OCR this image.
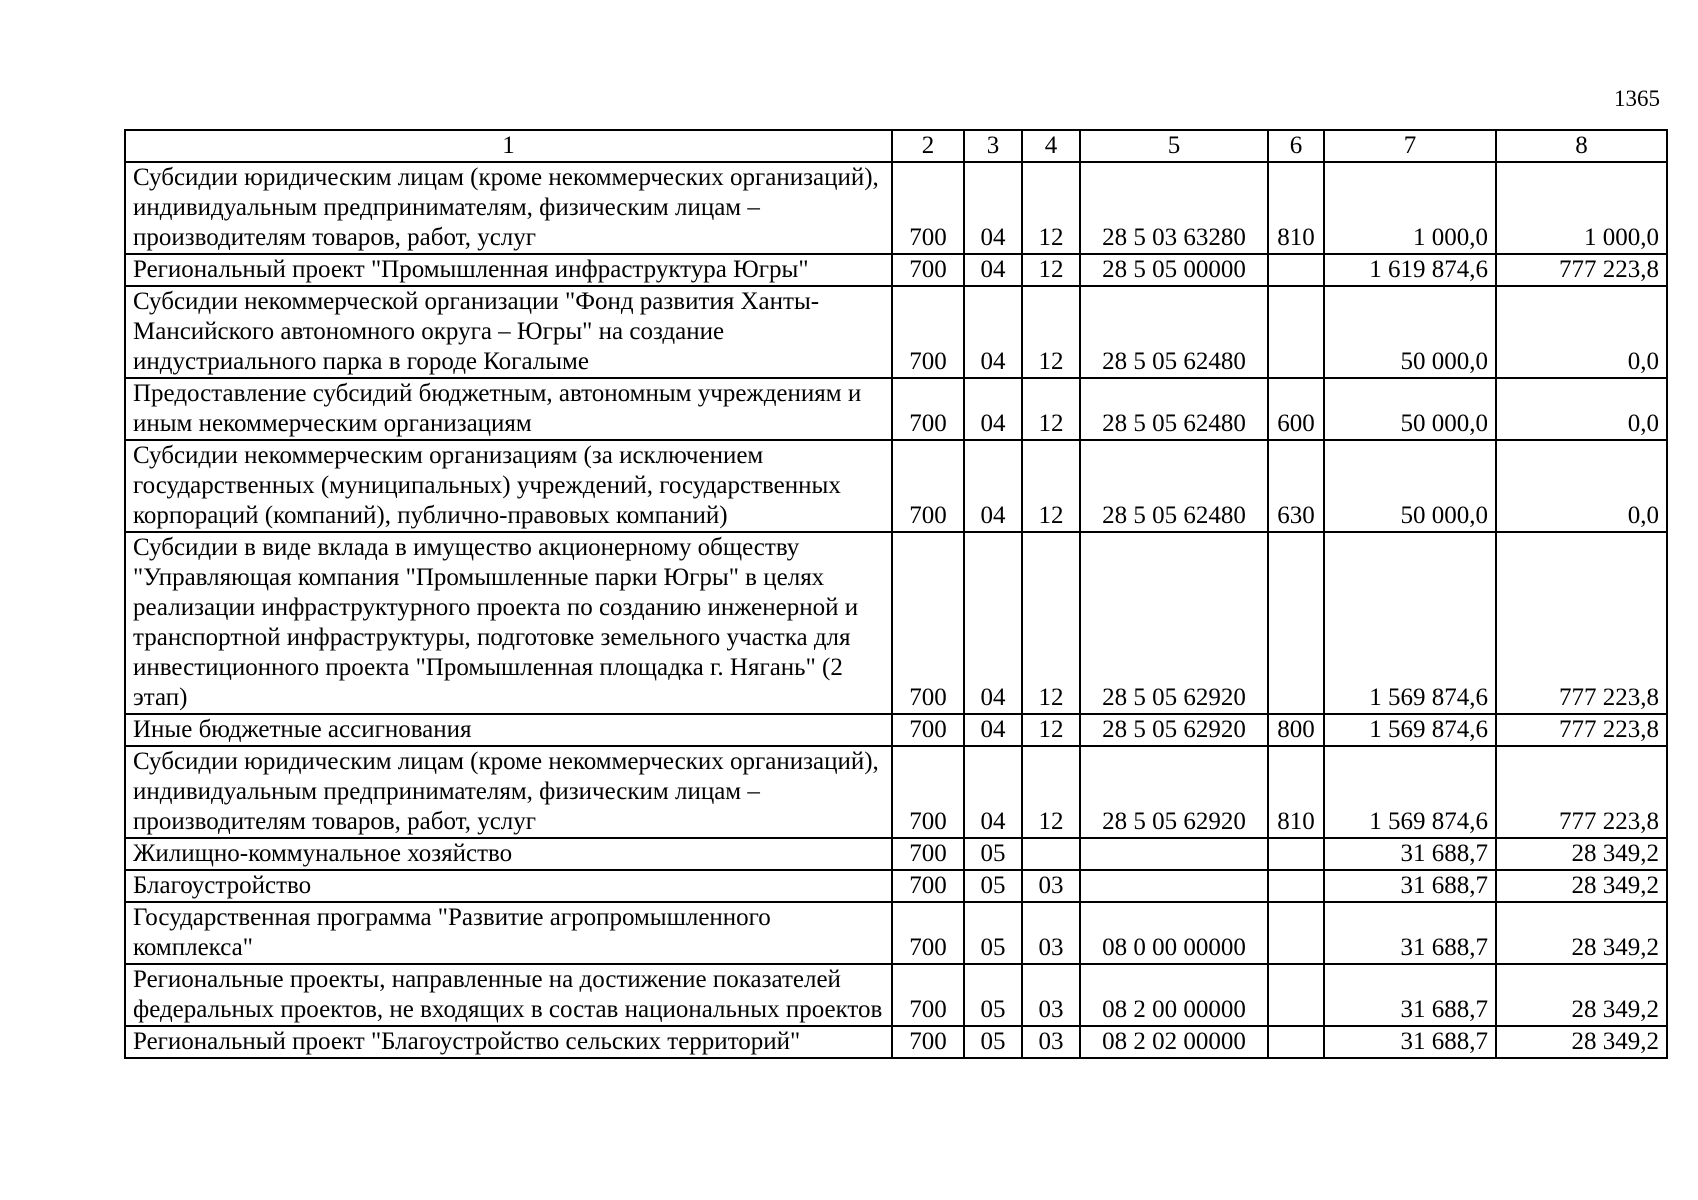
1365
1	2	3	4	5	6	7	8
Субсидии юридическим лицам (кроме некоммерческих организаций), индивидуальным предпринимателям, физическим лицам – производителям товаров, работ, услуг	700	04	12	28 5 03 63280	810	1 000,0	1 000,0
Региональный проект "Промышленная инфраструктура Югры"	700	04	12	28 5 05 00000		1 619 874,6	777 223,8
Субсидии некоммерческой организации "Фонд развития Ханты-Мансийского автономного округа – Югры" на создание индустриального парка в городе Когалыме	700	04	12	28 5 05 62480		50 000,0	0,0
Предоставление субсидий бюджетным, автономным учреждениям и иным некоммерческим организациям	700	04	12	28 5 05 62480	600	50 000,0	0,0
Субсидии некоммерческим организациям (за исключением государственных (муниципальных) учреждений, государственных корпораций (компаний), публично-правовых компаний)	700	04	12	28 5 05 62480	630	50 000,0	0,0
Субсидии в виде вклада в имущество акционерному обществу "Управляющая компания "Промышленные парки Югры" в целях реализации инфраструктурного проекта по созданию инженерной и транспортной инфраструктуры, подготовке земельного участка для инвестиционного проекта "Промышленная площадка г. Нягань" (2 этап)	700	04	12	28 5 05 62920		1 569 874,6	777 223,8
Иные бюджетные ассигнования	700	04	12	28 5 05 62920	800	1 569 874,6	777 223,8
Субсидии юридическим лицам (кроме некоммерческих организаций), индивидуальным предпринимателям, физическим лицам – производителям товаров, работ, услуг	700	04	12	28 5 05 62920	810	1 569 874,6	777 223,8
Жилищно-коммунальное хозяйство	700	05				31 688,7	28 349,2
Благоустройство	700	05	03			31 688,7	28 349,2
Государственная программа "Развитие агропромышленного комплекса"	700	05	03	08 0 00 00000		31 688,7	28 349,2
Региональные проекты, направленные на достижение показателей федеральных проектов, не входящих в состав национальных проектов	700	05	03	08 2 00 00000		31 688,7	28 349,2
Региональный проект "Благоустройство сельских территорий"	700	05	03	08 2 02 00000		31 688,7	28 349,2
